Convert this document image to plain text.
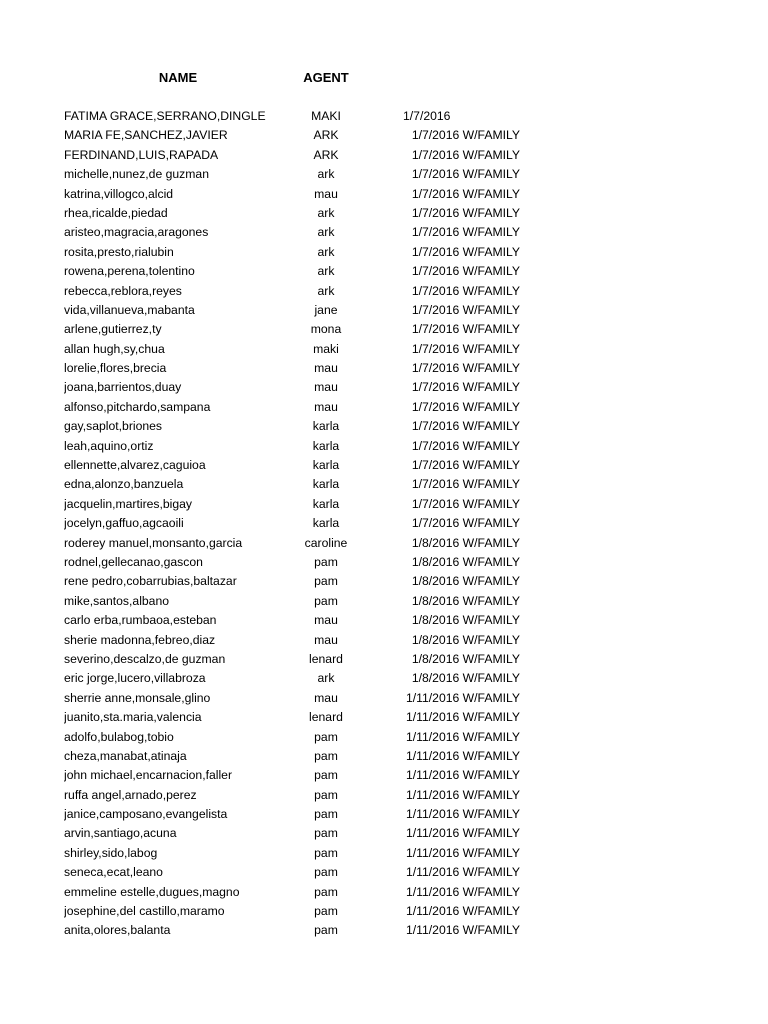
NAME	AGENT
FATIMA GRACE,SERRANO,DINGLE	MAKI	1/7/2016
MARIA FE,SANCHEZ,JAVIER	ARK	1/7/2016 W/FAMILY
FERDINAND,LUIS,RAPADA	ARK	1/7/2016 W/FAMILY
michelle,nunez,de guzman	ark	1/7/2016 W/FAMILY
katrina,villogco,alcid	mau	1/7/2016 W/FAMILY
rhea,ricalde,piedad	ark	1/7/2016 W/FAMILY
aristeo,magracia,aragones	ark	1/7/2016 W/FAMILY
rosita,presto,rialubin	ark	1/7/2016 W/FAMILY
rowena,perena,tolentino	ark	1/7/2016 W/FAMILY
rebecca,reblora,reyes	ark	1/7/2016 W/FAMILY
vida,villanueva,mabanta	jane	1/7/2016 W/FAMILY
arlene,gutierrez,ty	mona	1/7/2016 W/FAMILY
allan hugh,sy,chua	maki	1/7/2016 W/FAMILY
lorelie,flores,brecia	mau	1/7/2016 W/FAMILY
joana,barrientos,duay	mau	1/7/2016 W/FAMILY
alfonso,pitchardo,sampana	mau	1/7/2016 W/FAMILY
gay,saplot,briones	karla	1/7/2016 W/FAMILY
leah,aquino,ortiz	karla	1/7/2016 W/FAMILY
ellennette,alvarez,caguioa	karla	1/7/2016 W/FAMILY
edna,alonzo,banzuela	karla	1/7/2016 W/FAMILY
jacquelin,martires,bigay	karla	1/7/2016 W/FAMILY
jocelyn,gaffuo,agcaoili	karla	1/7/2016 W/FAMILY
roderey manuel,monsanto,garcia	caroline	1/8/2016 W/FAMILY
rodnel,gellecanao,gascon	pam	1/8/2016 W/FAMILY
rene pedro,cobarrubias,baltazar	pam	1/8/2016 W/FAMILY
mike,santos,albano	pam	1/8/2016 W/FAMILY
carlo erba,rumbaoa,esteban	mau	1/8/2016 W/FAMILY
sherie madonna,febreo,diaz	mau	1/8/2016 W/FAMILY
severino,descalzo,de guzman	lenard	1/8/2016 W/FAMILY
eric jorge,lucero,villabroza	ark	1/8/2016 W/FAMILY
sherrie anne,monsale,glino	mau	1/11/2016 W/FAMILY
juanito,sta.maria,valencia	lenard	1/11/2016 W/FAMILY
adolfo,bulabog,tobio	pam	1/11/2016 W/FAMILY
cheza,manabat,atinaja	pam	1/11/2016 W/FAMILY
john michael,encarnacion,faller	pam	1/11/2016 W/FAMILY
ruffa angel,arnado,perez	pam	1/11/2016 W/FAMILY
janice,camposano,evangelista	pam	1/11/2016 W/FAMILY
arvin,santiago,acuna	pam	1/11/2016 W/FAMILY
shirley,sido,labog	pam	1/11/2016 W/FAMILY
seneca,ecat,leano	pam	1/11/2016 W/FAMILY
emmeline estelle,dugues,magno	pam	1/11/2016 W/FAMILY
josephine,del castillo,maramo	pam	1/11/2016 W/FAMILY
anita,olores,balanta	pam	1/11/2016 W/FAMILY
